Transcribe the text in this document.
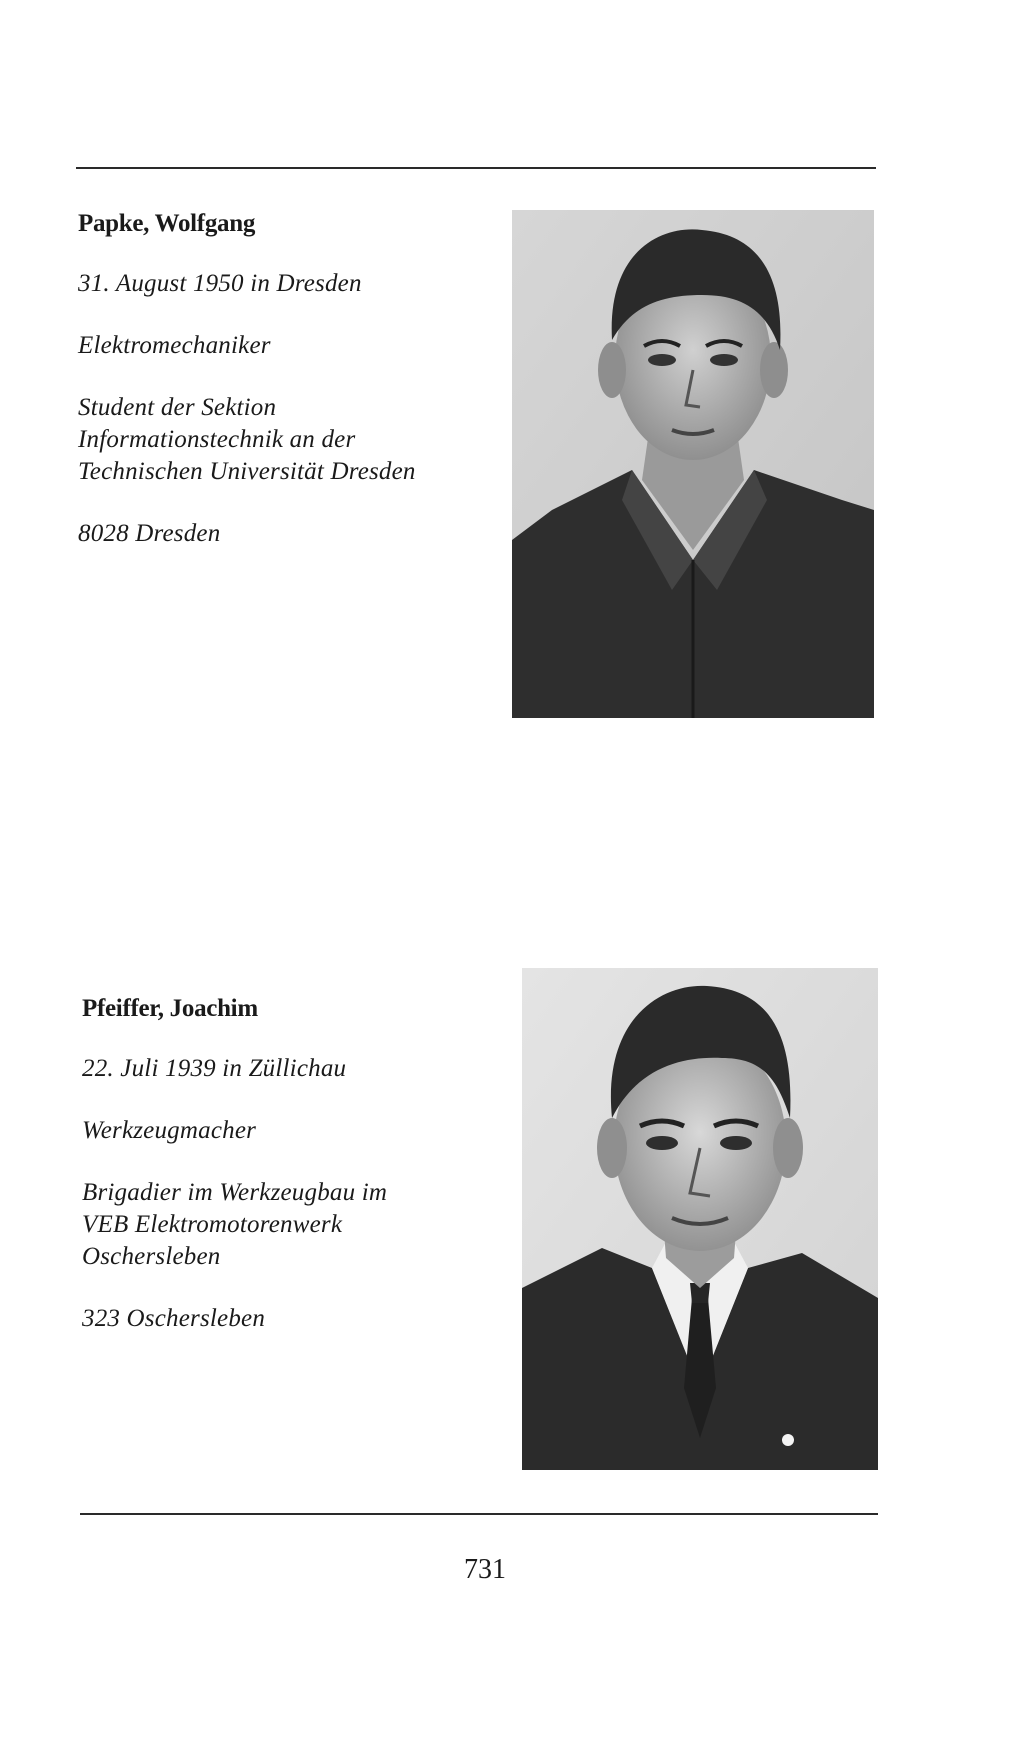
Papke, Wolfgang
31. August 1950 in Dresden
Elektromechaniker
Student der Sektion
Informationstechnik an der
Technischen Universität Dresden
8028 Dresden
Pfeiffer, Joachim
22. Juli 1939 in Züllichau
Werkzeugmacher
Brigadier im Werkzeugbau im
VEB Elektromotorenwerk
Oschersleben
323 Oschersleben
731
